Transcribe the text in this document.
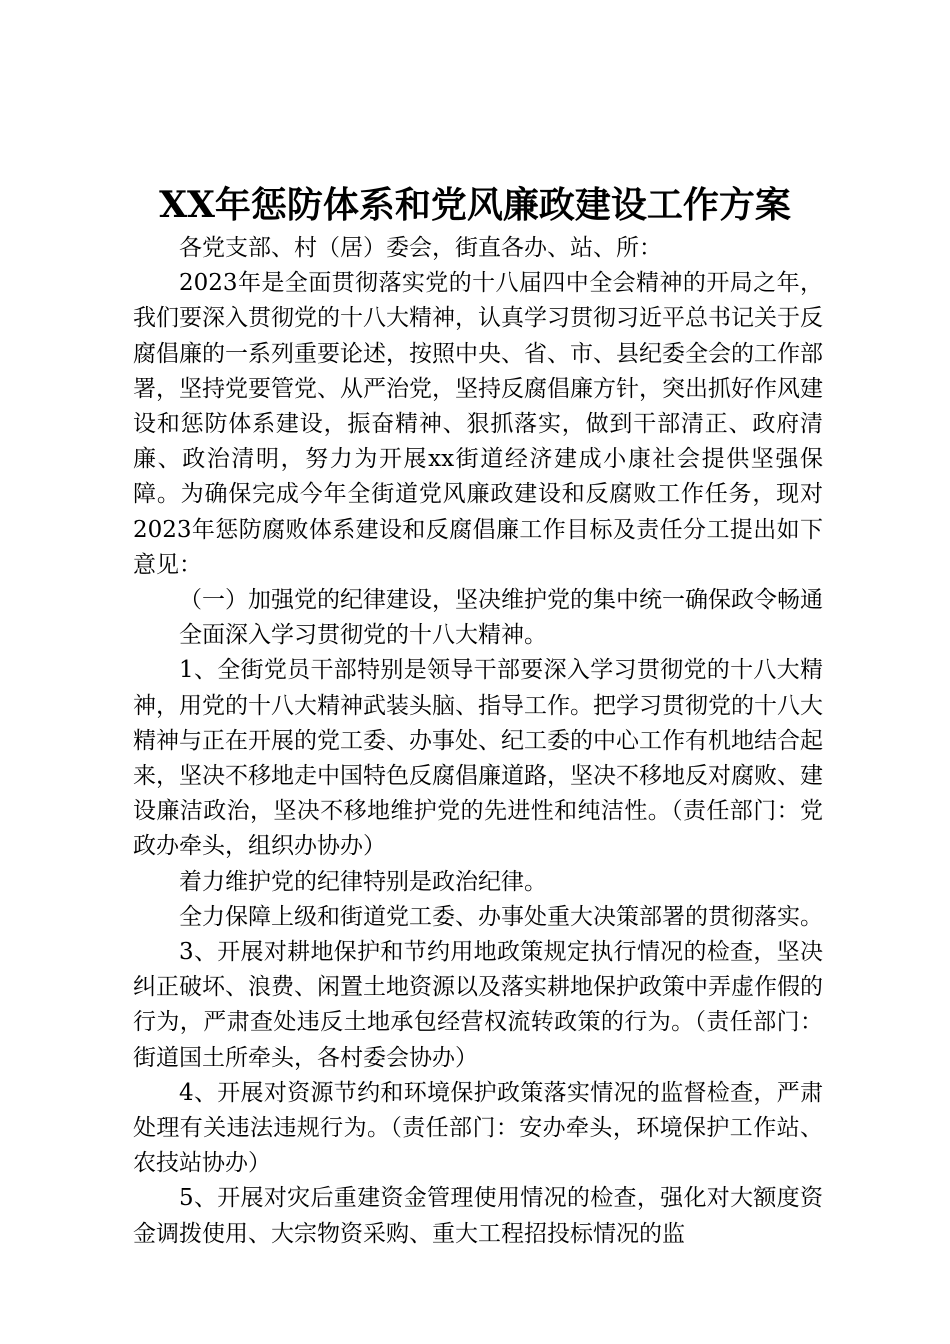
XX年惩防体系和党风廉政建设工作方案

各党支部、村（居）委会，街直各办、站、所：

2023年是全面贯彻落实党的十八届四中全会精神的开局之年，我们要深入贯彻党的十八大精神，认真学习贯彻习近平总书记关于反腐倡廉的一系列重要论述，按照中央、省、市、县纪委全会的工作部署，坚持党要管党、从严治党，坚持反腐倡廉方针，突出抓好作风建设和惩防体系建设，振奋精神、狠抓落实，做到干部清正、政府清廉、政治清明，努力为开展xx街道经济建成小康社会提供坚强保障。为确保完成今年全街道党风廉政建设和反腐败工作任务，现对2023年惩防腐败体系建设和反腐倡廉工作目标及责任分工提出如下意见：

（一）加强党的纪律建设，坚决维护党的集中统一确保政令畅通

全面深入学习贯彻党的十八大精神。

1、全街党员干部特别是领导干部要深入学习贯彻党的十八大精神，用党的十八大精神武装头脑、指导工作。把学习贯彻党的十八大精神与正在开展的党工委、办事处、纪工委的中心工作有机地结合起来，坚决不移地走中国特色反腐倡廉道路，坚决不移地反对腐败、建设廉洁政治，坚决不移地维护党的先进性和纯洁性。（责任部门：党政办牵头，组织办协办）

着力维护党的纪律特别是政治纪律。

全力保障上级和街道党工委、办事处重大决策部署的贯彻落实。

3、开展对耕地保护和节约用地政策规定执行情况的检查，坚决纠正破坏、浪费、闲置土地资源以及落实耕地保护政策中弄虚作假的行为，严肃查处违反土地承包经营权流转政策的行为。（责任部门：街道国土所牵头，各村委会协办）

4、开展对资源节约和环境保护政策落实情况的监督检查，严肃处理有关违法违规行为。（责任部门：安办牵头，环境保护工作站、农技站协办）

5、开展对灾后重建资金管理使用情况的检查，强化对大额度资金调拨使用、大宗物资采购、重大工程招投标情况的监
